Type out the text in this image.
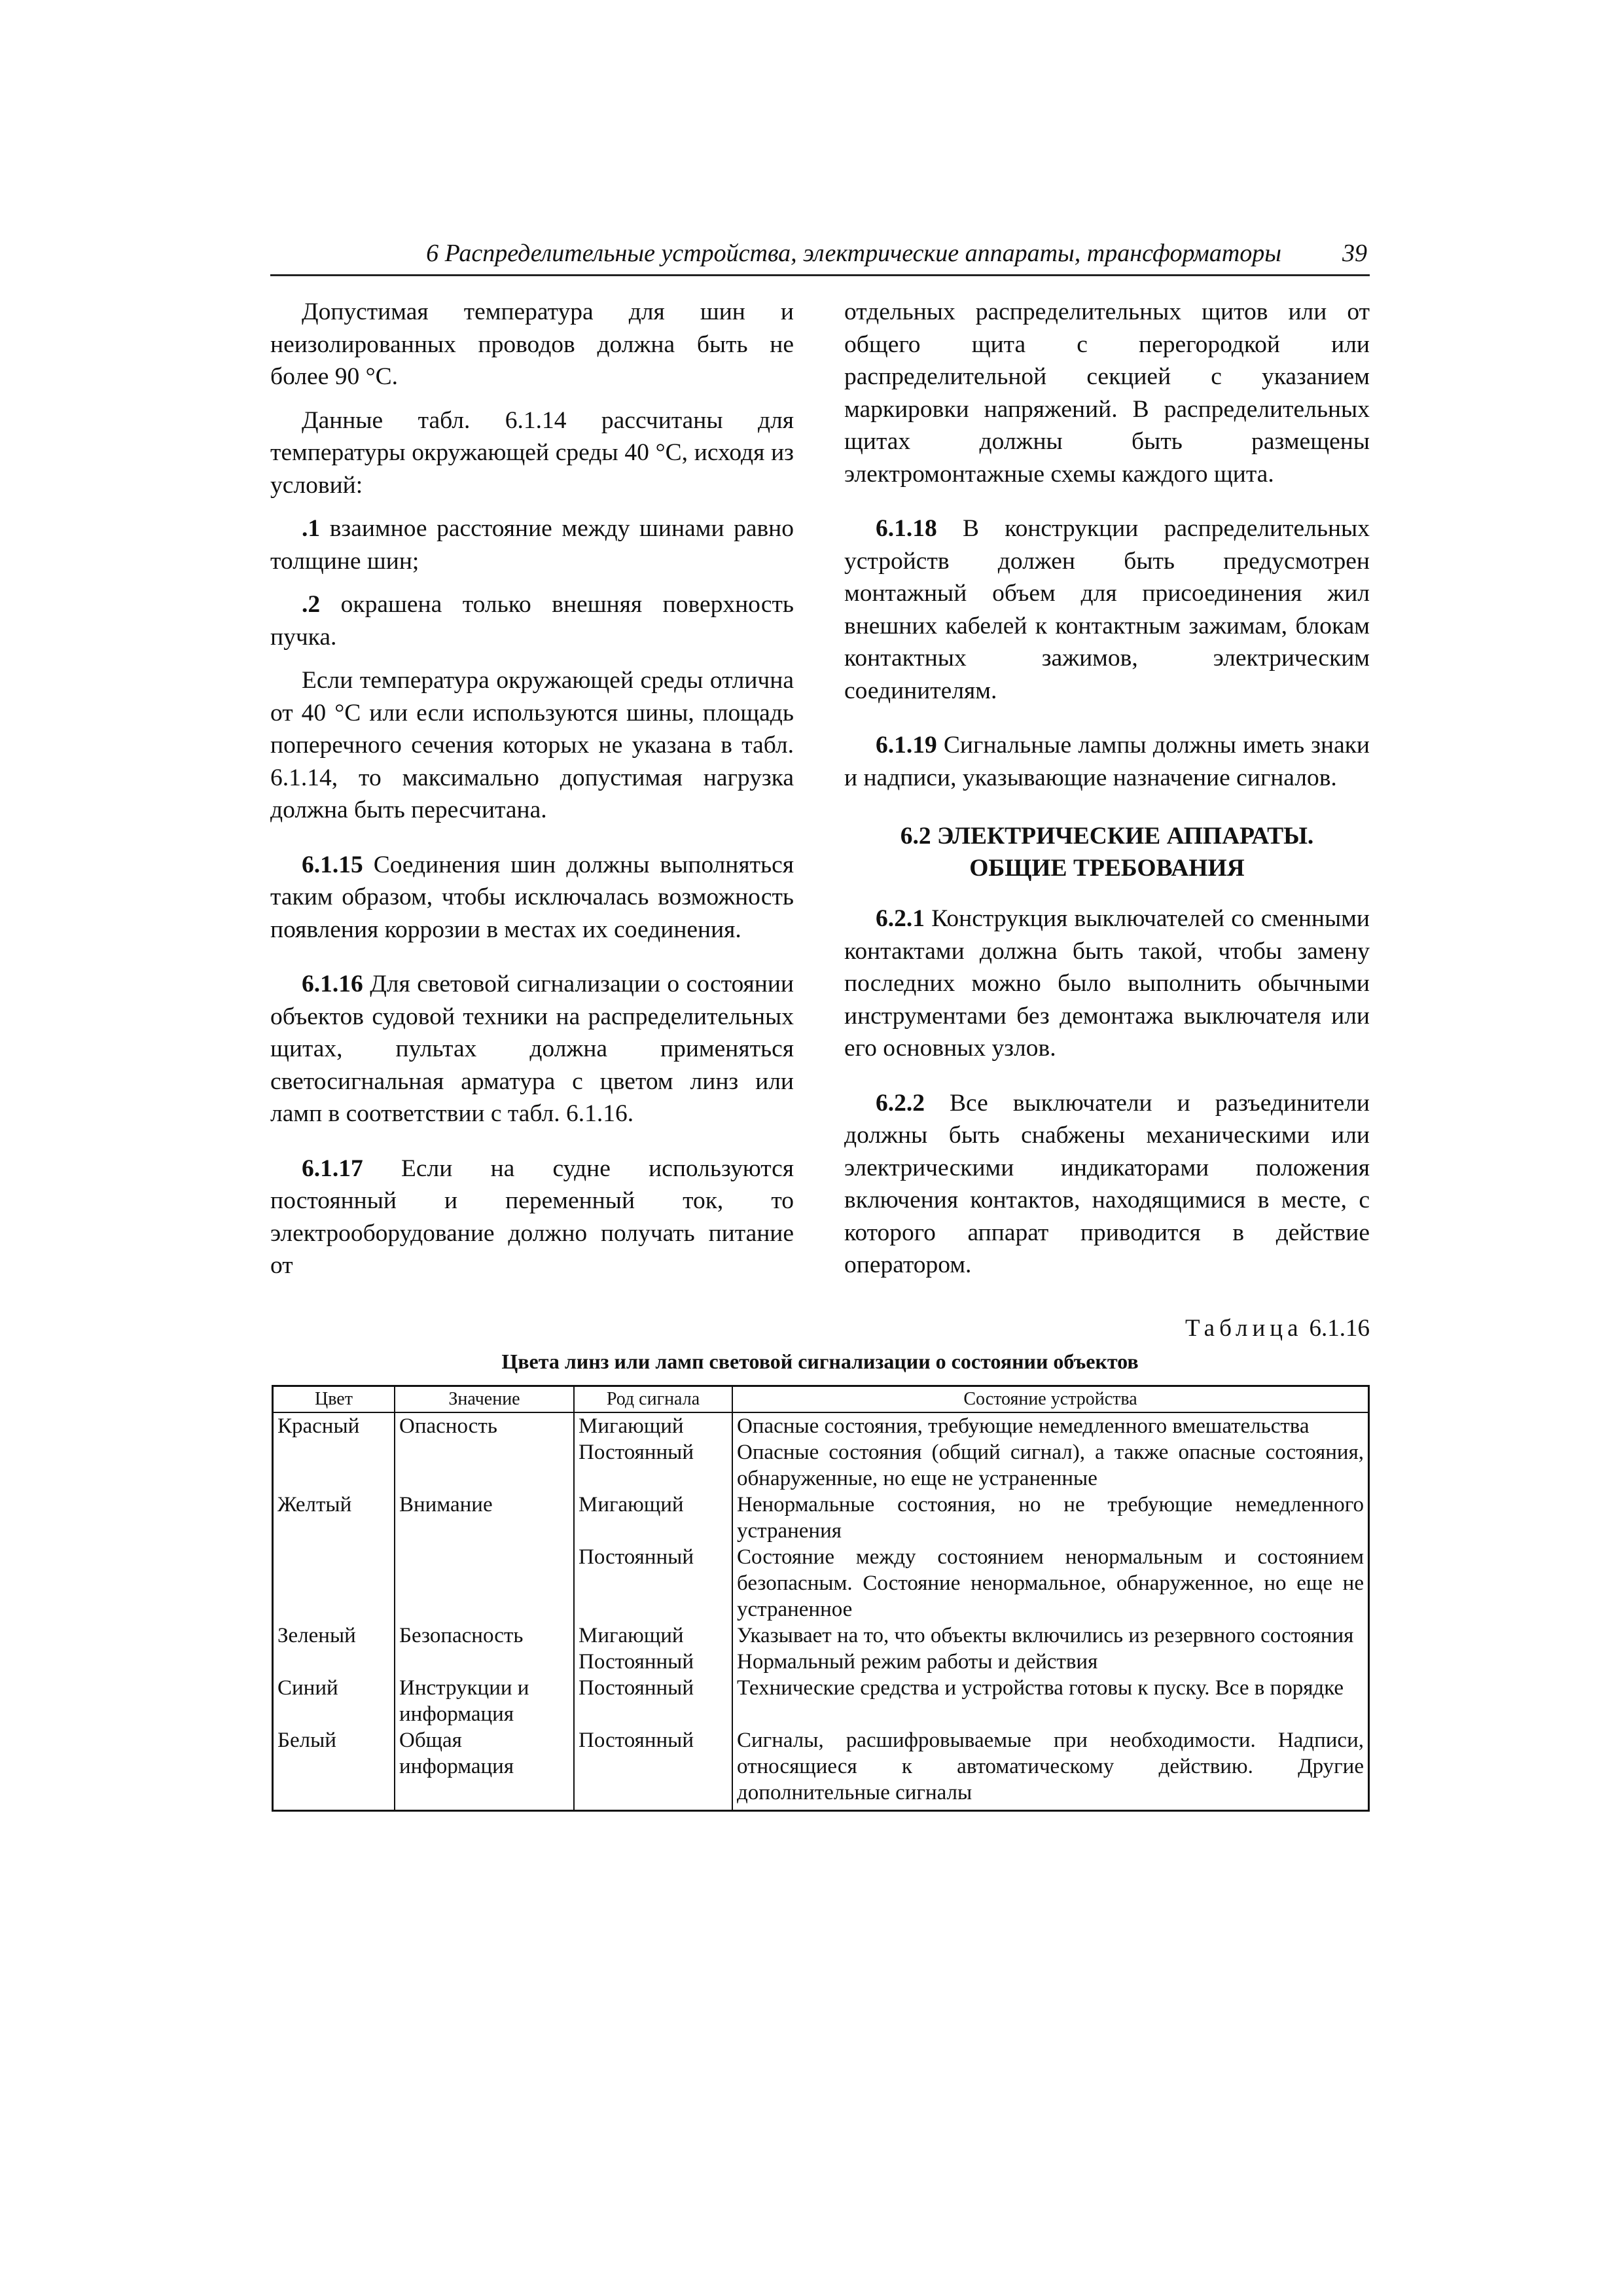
6 Распределительные устройства, электрические аппараты, трансформаторы 39

Допустимая температура для шин и неизолированных проводов должна быть не более 90 °С.

Данные табл. 6.1.14 рассчитаны для температуры окружающей среды 40 °С, исходя из условий:

.1 взаимное расстояние между шинами равно толщине шин;

.2 окрашена только внешняя поверхность пучка.

Если температура окружающей среды отлична от 40 °С или если используются шины, площадь поперечного сечения которых не указана в табл. 6.1.14, то максимально допустимая нагрузка должна быть пересчитана.

6.1.15 Соединения шин должны выполняться таким образом, чтобы исключалась возможность появления коррозии в местах их соединения.

6.1.16 Для световой сигнализации о состоянии объектов судовой техники на распределительных щитах, пультах должна применяться светосигнальная арматура с цветом линз или ламп в соответствии с табл. 6.1.16.

6.1.17 Если на судне используются постоянный и переменный ток, то электрооборудование должно получать питание от

отдельных распределительных щитов или от общего щита с перегородкой или распределительной секцией с указанием маркировки напряжений. В распределительных щитах должны быть размещены электромонтажные схемы каждого щита.

6.1.18 В конструкции распределительных устройств должен быть предусмотрен монтажный объем для присоединения жил внешних кабелей к контактным зажимам, блокам контактных зажимов, электрическим соединителям.

6.1.19 Сигнальные лампы должны иметь знаки и надписи, указывающие назначение сигналов.

6.2 ЭЛЕКТРИЧЕСКИЕ АППАРАТЫ.
ОБЩИЕ ТРЕБОВАНИЯ

6.2.1 Конструкция выключателей со сменными контактами должна быть такой, чтобы замену последних можно было выполнить обычными инструментами без демонтажа выключателя или его основных узлов.

6.2.2 Все выключатели и разъединители должны быть снабжены механическими или электрическими индикаторами положения включения контактов, находящимися в месте, с которого аппарат приводится в действие оператором.

Таблица 6.1.16
Цвета линз или ламп световой сигнализации о состоянии объектов
Цвет	Значение	Род сигнала	Состояние устройства
Красный	Опасность	Мигающий	Опасные состояния, требующие немедленного вмешательства
		Постоянный	Опасные состояния (общий сигнал), а также опасные состояния, обнаруженные, но еще не устраненные
Желтый	Внимание	Мигающий	Ненормальные состояния, но не требующие немедленного устранения
		Постоянный	Состояние между состоянием ненормальным и состоянием безопасным. Состояние ненормальное, обнаруженное, но еще не устраненное
Зеленый	Безопасность	Мигающий	Указывает на то, что объекты включились из резервного состояния
		Постоянный	Нормальный режим работы и действия
Синий	Инструкции и информация	Постоянный	Технические средства и устройства готовы к пуску. Все в порядке
Белый	Общая информация	Постоянный	Сигналы, расшифровываемые при необходимости. Надписи, относящиеся к автоматическому действию. Другие дополнительные сигналы
